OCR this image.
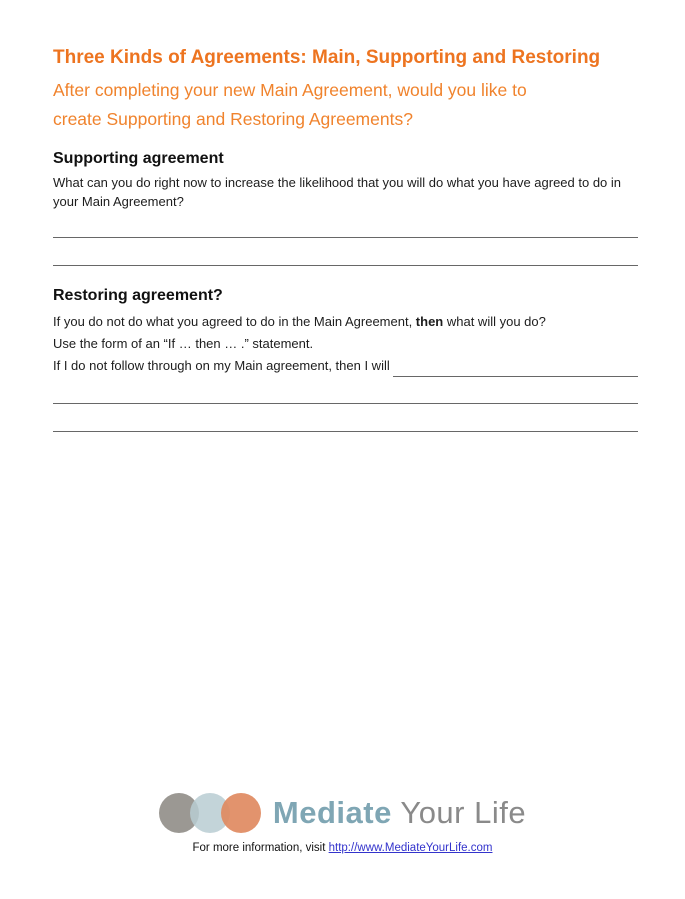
Three Kinds of Agreements: Main, Supporting and Restoring

After completing your new Main Agreement, would you like to
create Supporting and Restoring Agreements?

Supporting agreement

What can you do right now to increase the likelihood that you will do what you have agreed to do in

your Main Agreement?

Restoring agreement?

If you do not do what you agreed to do in the Main Agreement, then what will you do?

Use the form of an “If … then … .” statement.

If I do not follow through on my Main agreement, then I will

Mediate Your Life
For more information, visit http://www.MediateYourLife.com
